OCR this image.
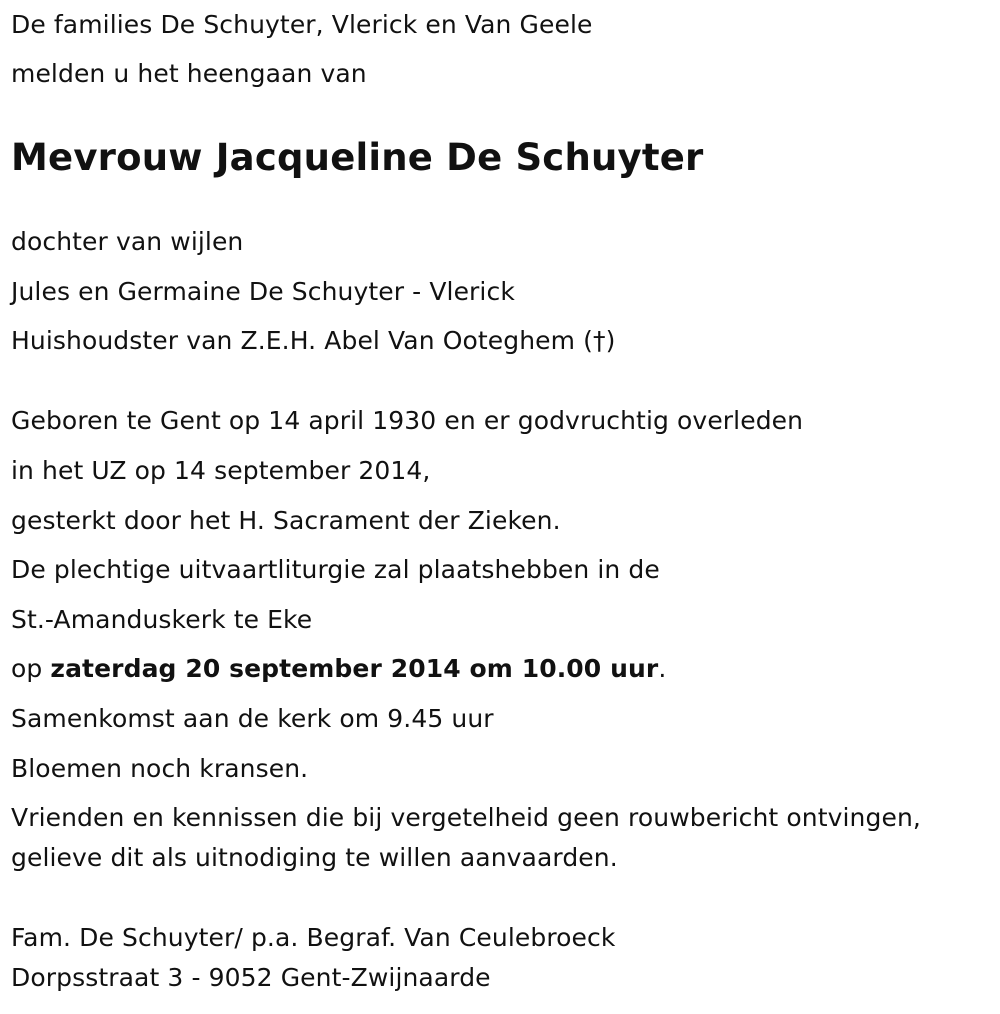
De families De Schuyter, Vlerick en Van Geele
melden u het heengaan van
Mevrouw Jacqueline De Schuyter
dochter van wijlen
Jules en Germaine De Schuyter - Vlerick
Huishoudster van Z.E.H. Abel Van Ooteghem (†)
Geboren te Gent op 14 april 1930 en er godvruchtig overleden
in het UZ op 14 september 2014,
gesterkt door het H. Sacrament der Zieken.
De plechtige uitvaartliturgie zal plaatshebben in de
St.-Amanduskerk te Eke
op zaterdag 20 september 2014 om 10.00 uur.
Samenkomst aan de kerk om 9.45 uur
Bloemen noch kransen.
Vrienden en kennissen die bij vergetelheid geen rouwbericht ontvingen,
gelieve dit als uitnodiging te willen aanvaarden.
Fam. De Schuyter/ p.a. Begraf. Van Ceulebroeck
Dorpsstraat 3 - 9052 Gent-Zwijnaarde
